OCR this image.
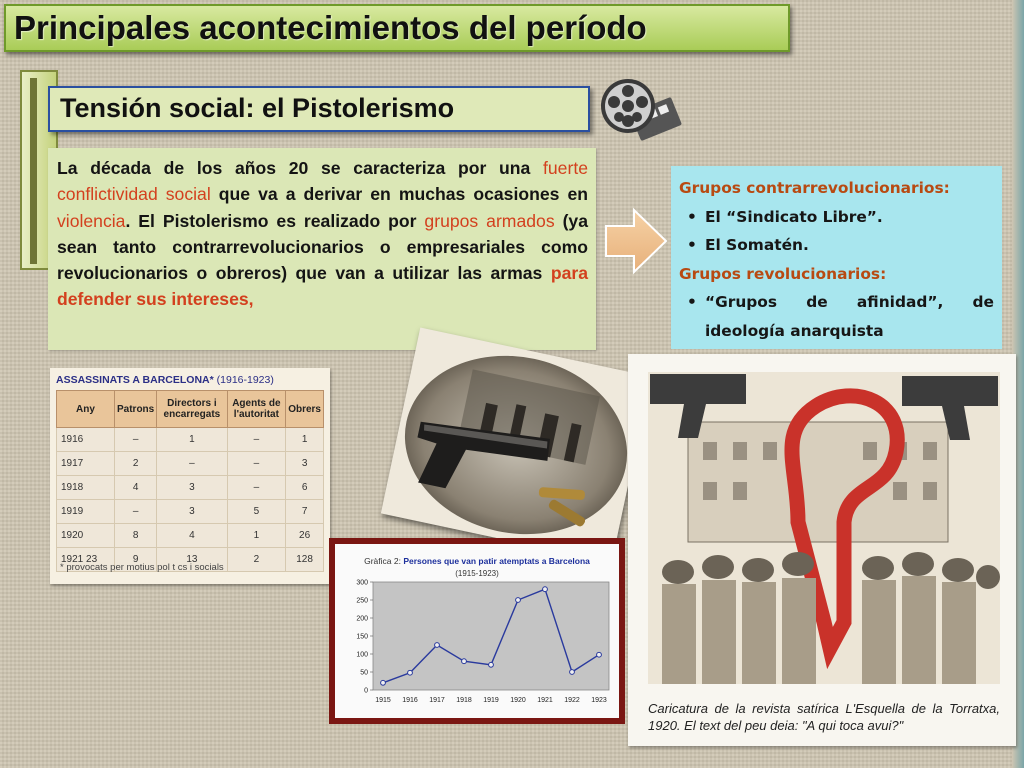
Principales acontecimientos del período
Tensión social: el Pistolerismo

La década de los años 20 se caracteriza por una fuerte conflictividad social que va a derivar en muchas ocasiones en violencia. El Pistolerismo es realizado por grupos armados (ya sean tanto contrarrevolucionarios o empresariales como revolucionarios o obreros) que van a utilizar las armas para defender sus intereses,

Grupos contrarrevolucionarios:
• El “Sindicato Libre”.
• El Somatén.
Grupos revolucionarios:
• “Grupos de afinidad”, de ideología anarquista
ASSASSINATS A BARCELONA* (1916-1923)
Any	Patrons	Directors i encarregats	Agents de l'autoritat	Obrers
1916	–	1	–	1
1917	2	–	–	3
1918	4	3	–	6
1919	–	3	5	7
1920	8	4	1	26
1921 23	9	13	2	128
* provocats per motius pol t cs i socials
Gràfica 2: Persones que van patir atemptats a Barcelona
(1915-1923)
0
50
100
150
200
250
300
1915 1916 1917 1918 1919 1920 1921 1922 1923
Caricatura de la revista satírica L'Esquella de la Torratxa, 1920. El text del peu deia: "A qui toca avui?"
